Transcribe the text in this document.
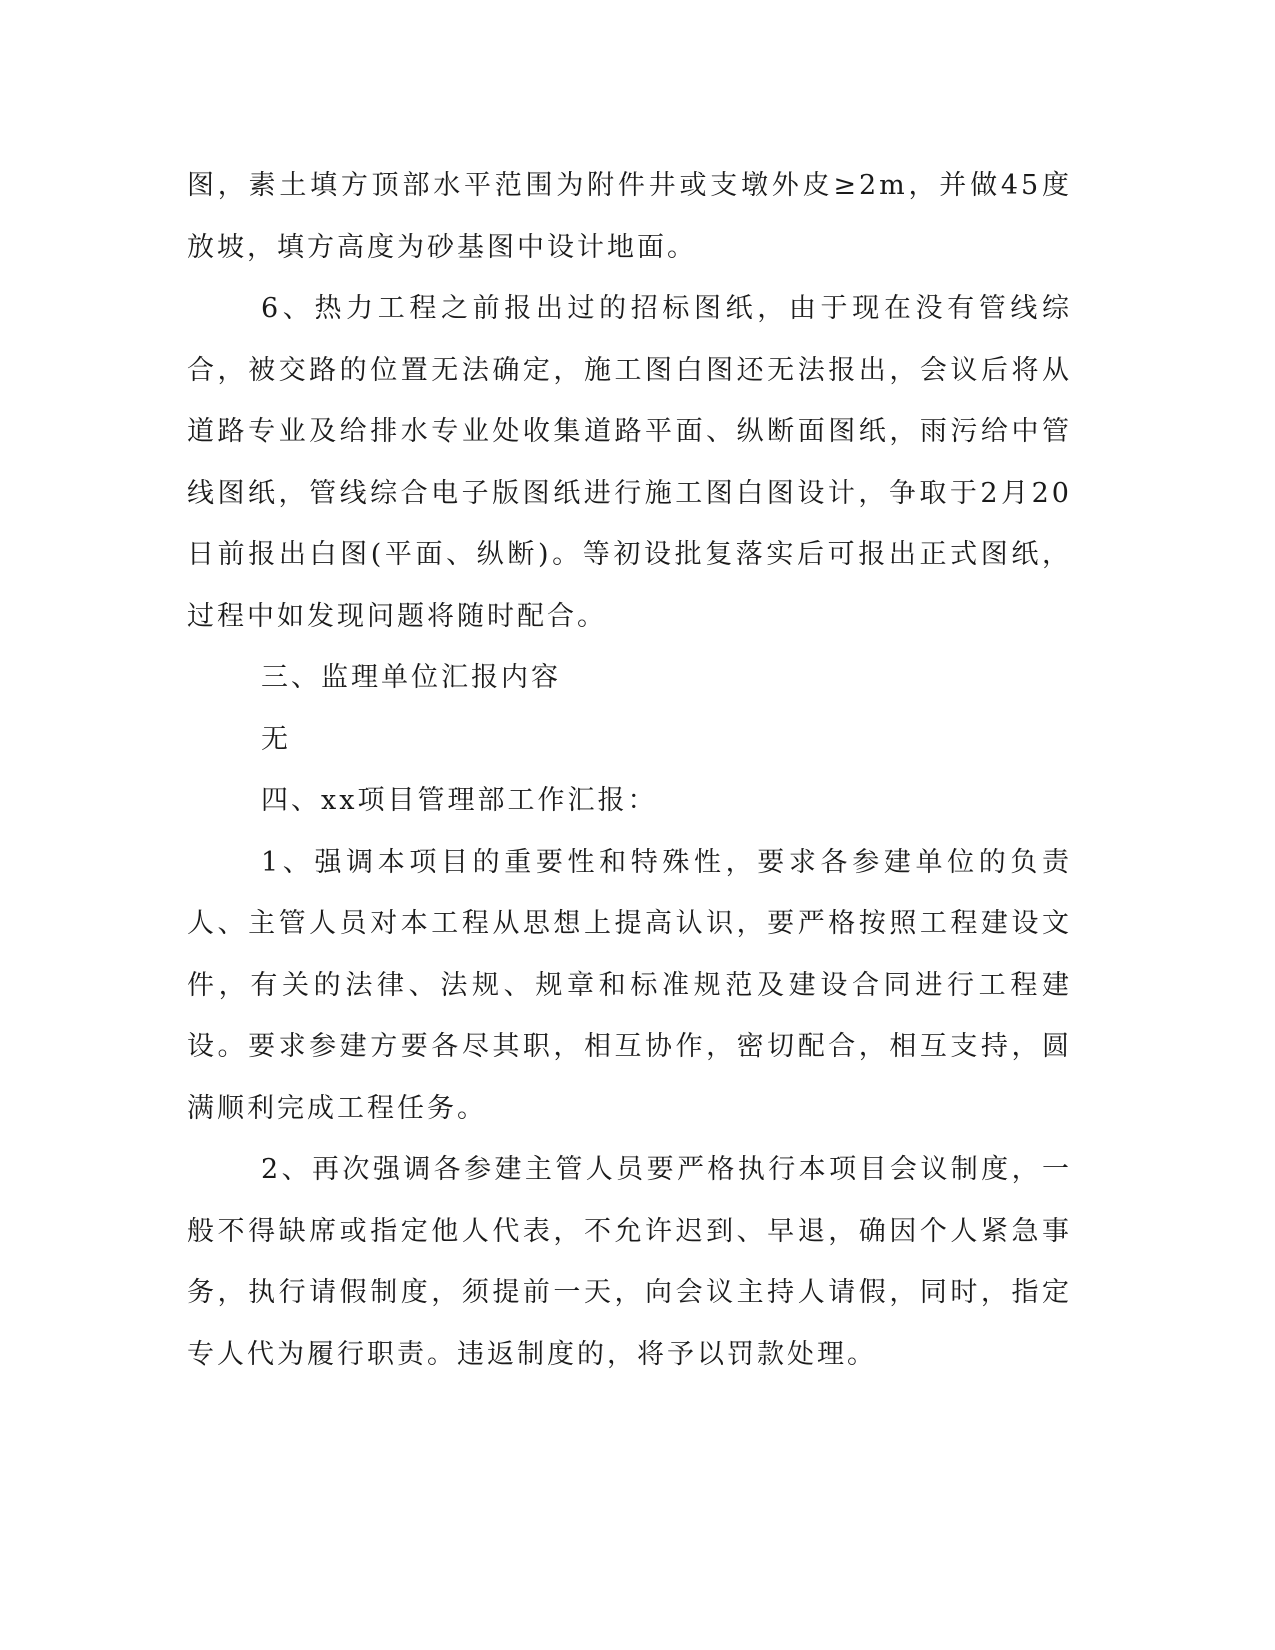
图，素土填方顶部水平范围为附件井或支墩外皮≥2m，并做45度放坡，填方高度为砂基图中设计地面。

6、热力工程之前报出过的招标图纸，由于现在没有管线综合，被交路的位置无法确定，施工图白图还无法报出，会议后将从道路专业及给排水专业处收集道路平面、纵断面图纸，雨污给中管线图纸，管线综合电子版图纸进行施工图白图设计，争取于2月20日前报出白图(平面、纵断)。等初设批复落实后可报出正式图纸，过程中如发现问题将随时配合。

三、监理单位汇报内容

无

四、xx项目管理部工作汇报：

1、强调本项目的重要性和特殊性，要求各参建单位的负责人、主管人员对本工程从思想上提高认识，要严格按照工程建设文件，有关的法律、法规、规章和标准规范及建设合同进行工程建设。要求参建方要各尽其职，相互协作，密切配合，相互支持，圆满顺利完成工程任务。

2、再次强调各参建主管人员要严格执行本项目会议制度，一般不得缺席或指定他人代表，不允许迟到、早退，确因个人紧急事务，执行请假制度，须提前一天，向会议主持人请假，同时，指定专人代为履行职责。违返制度的，将予以罚款处理。
